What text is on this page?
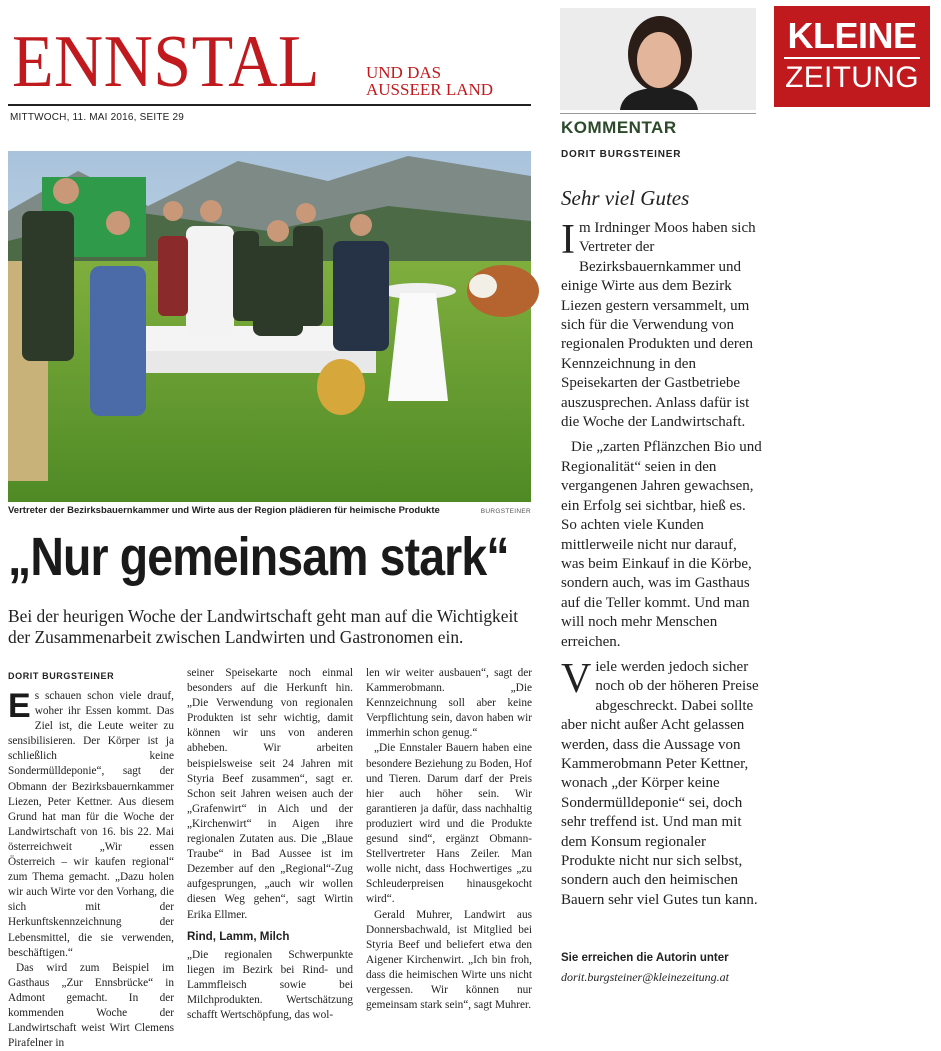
ENNSTAL	UND DAS
AUSSEER LAND
MITTWOCH, 11. MAI 2016, SEITE 29
Vertreter der Bezirksbauernkammer und Wirte aus der Region plädieren für heimische Produkte	BURGSTEINER
„Nur gemeinsam stark“

Bei der heurigen Woche der Landwirtschaft geht man auf die Wichtigkeit der Zusammenarbeit zwischen Landwirten und Gastronomen ein.

DORIT BURGSTEINER

Es schauen schon viele drauf, woher ihr Essen kommt. Das Ziel ist, die Leute weiter zu sensibilisieren. Der Körper ist ja schließlich keine Sondermülldeponie“, sagt der Obmann der Bezirksbauernkammer Liezen, Peter Kettner. Aus diesem Grund hat man für die Woche der Landwirtschaft von 16. bis 22. Mai österreichweit „Wir essen Österreich – wir kaufen regional“ zum Thema gemacht. „Dazu holen wir auch Wirte vor den Vorhang, die sich mit der Herkunftskennzeichnung der Lebensmittel, die sie verwenden, beschäftigen.“

Das wird zum Beispiel im Gasthaus „Zur Ennsbrücke“ in Admont gemacht. In der kommenden Woche der Landwirtschaft weist Wirt Clemens Pirafelner in

seiner Speisekarte noch einmal besonders auf die Herkunft hin. „Die Verwendung von regionalen Produkten ist sehr wichtig, damit können wir uns von anderen abheben. Wir arbeiten beispielsweise seit 24 Jahren mit Styria Beef zusammen“, sagt er. Schon seit Jahren weisen auch der „Grafenwirt“ in Aich und der „Kirchenwirt“ in Aigen ihre regionalen Zutaten aus. Die „Blaue Traube“ in Bad Aussee ist im Dezember auf den „Regional“-Zug aufgesprungen, „auch wir wollen diesen Weg gehen“, sagt Wirtin Erika Ellmer.

Rind, Lamm, Milch

„Die regionalen Schwerpunkte liegen im Bezirk bei Rind- und Lammfleisch sowie bei Milchprodukten. Wertschätzung schafft Wertschöpfung, das wol-

len wir weiter ausbauen“, sagt der Kammerobmann. „Die Kennzeichnung soll aber keine Verpflichtung sein, davon haben wir immerhin schon genug.“

„Die Ennstaler Bauern haben eine besondere Beziehung zu Boden, Hof und Tieren. Darum darf der Preis hier auch höher sein. Wir garantieren ja dafür, dass nachhaltig produziert wird und die Produkte gesund sind“, ergänzt Obmann-Stellvertreter Hans Zeiler. Man wolle nicht, dass Hochwertiges „zu Schleuderpreisen hinausgekocht wird“.

Gerald Muhrer, Landwirt aus Donnersbachwald, ist Mitglied bei Styria Beef und beliefert etwa den Aigener Kirchenwirt. „Ich bin froh, dass die heimischen Wirte uns nicht vergessen. Wir können nur gemeinsam stark sein“, sagt Muhrer.

KLEINE
ZEITUNG
KOMMENTAR
DORIT BURGSTEINER
Sehr viel Gutes

Im Irdninger Moos haben sich Vertreter der Bezirksbauernkammer und einige Wirte aus dem Bezirk Liezen gestern versammelt, um sich für die Verwendung von regionalen Produkten und deren Kennzeichnung in den Speisekarten der Gastbetriebe auszusprechen. Anlass dafür ist die Woche der Landwirtschaft.

Die „zarten Pflänzchen Bio und Regionalität“ seien in den vergangenen Jahren gewachsen, ein Erfolg sei sichtbar, hieß es. So achten viele Kunden mittlerweile nicht nur darauf, was beim Einkauf in die Körbe, sondern auch, was im Gasthaus auf die Teller kommt. Und man will noch mehr Menschen erreichen.

Viele werden jedoch sicher noch ob der höheren Preise abgeschreckt. Dabei sollte aber nicht außer Acht gelassen werden, dass die Aussage von Kammerobmann Peter Kettner, wonach „der Körper keine Sondermülldeponie“ sei, doch sehr treffend ist. Und man mit dem Konsum regionaler Produkte nicht nur sich selbst, sondern auch den heimischen Bauern sehr viel Gutes tun kann.

Sie erreichen die Autorin unter
dorit.burgsteiner@kleinezeitung.at
